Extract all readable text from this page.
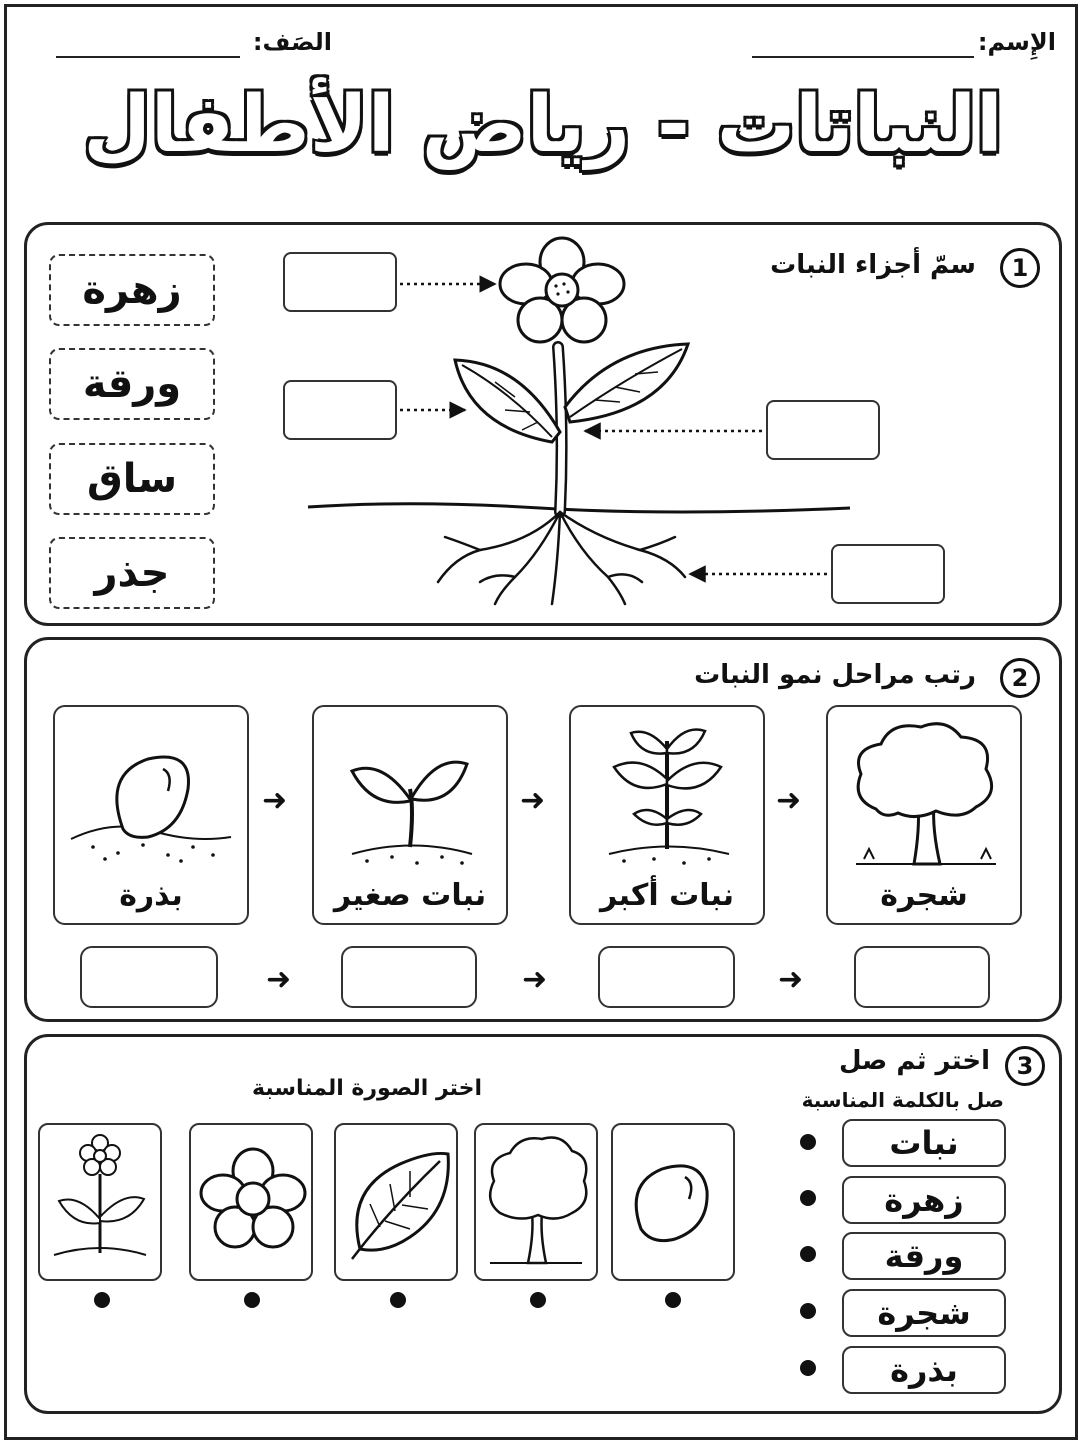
الإِسم:
الصَف:
النباتات - رياض الأطفال
1
سمّ أجزاء النبات
زهرة
ورقة
ساق
جذر
2
رتب مراحل نمو النبات
بذرة
➜
نبات صغير
➜
نبات أكبر
➜
شجرة
➜	➜	➜
3
اختر ثم صل
صل بالكلمة المناسبة
اختر الصورة المناسبة
نبات
زهرة
ورقة
شجرة
بذرة
